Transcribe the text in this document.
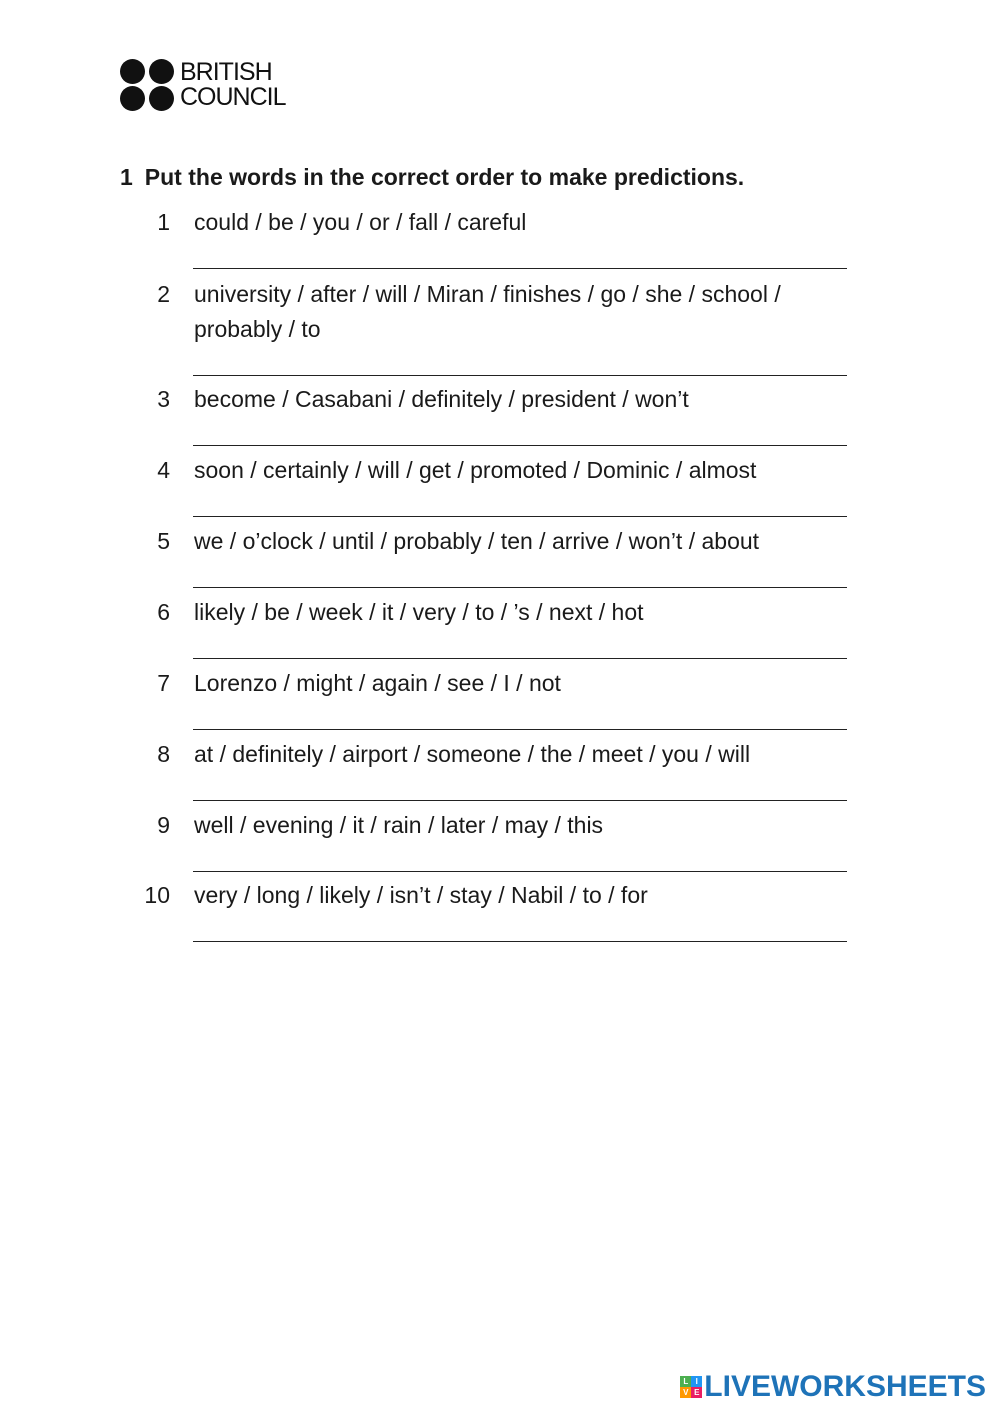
BRITISH
COUNCIL
1 Put the words in the correct order to make predictions.
1 could / be / you / or / fall / careful
2 university / after / will / Miran / finishes / go / she / school / probably / to
3 become / Casabani / definitely / president / won’t
4 soon / certainly / will / get / promoted / Dominic / almost
5 we / o’clock / until / probably / ten / arrive / won’t / about
6 likely / be / week / it / very / to / ’s / next / hot
7 Lorenzo / might / again / see / I / not
8 at / definitely / airport / someone / the / meet / you / will
9 well / evening / it / rain / later / may / this
10 very / long / likely / isn’t / stay / Nabil / to / for
L I
V E LIVEWORKSHEETS
